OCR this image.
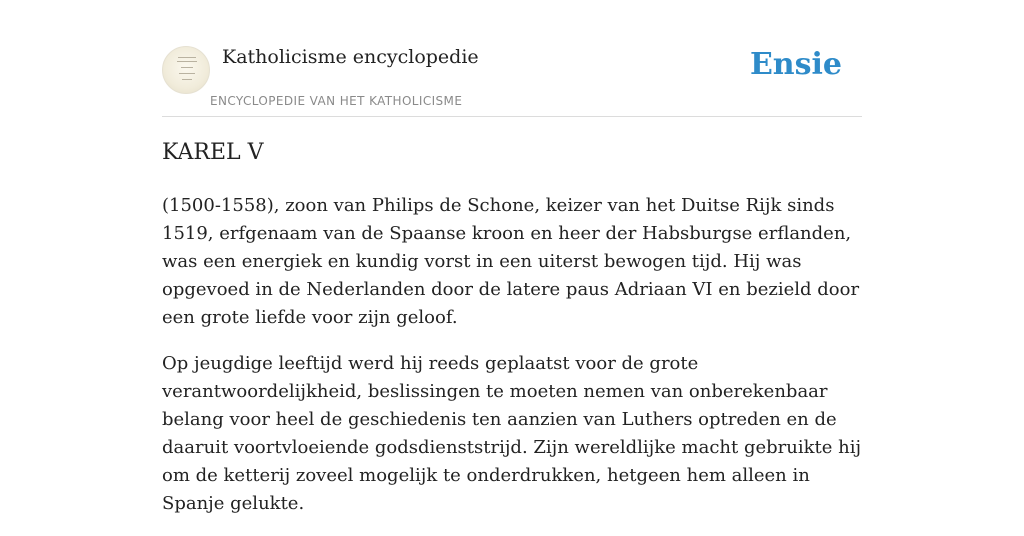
Katholicisme encyclopedie
ENCYCLOPEDIE VAN HET KATHOLICISME
Ensie
KAREL V

(1500-1558), zoon van Philips de Schone, keizer van het Duitse Rijk sinds 1519, erfgenaam van de Spaanse kroon en heer der Habsburgse erflanden, was een energiek en kundig vorst in een uiterst bewogen tijd. Hij was opgevoed in de Nederlanden door de latere paus Adriaan VI en bezield door een grote liefde voor zijn geloof.

Op jeugdige leeftijd werd hij reeds geplaatst voor de grote verantwoordelijkheid, beslissingen te moeten nemen van onberekenbaar belang voor heel de geschiedenis ten aanzien van Luthers optreden en de daaruit voortvloeiende godsdienststrijd. Zijn wereldlijke macht gebruikte hij om de ketterij zoveel mogelijk te onderdrukken, hetgeen hem alleen in Spanje gelukte.
